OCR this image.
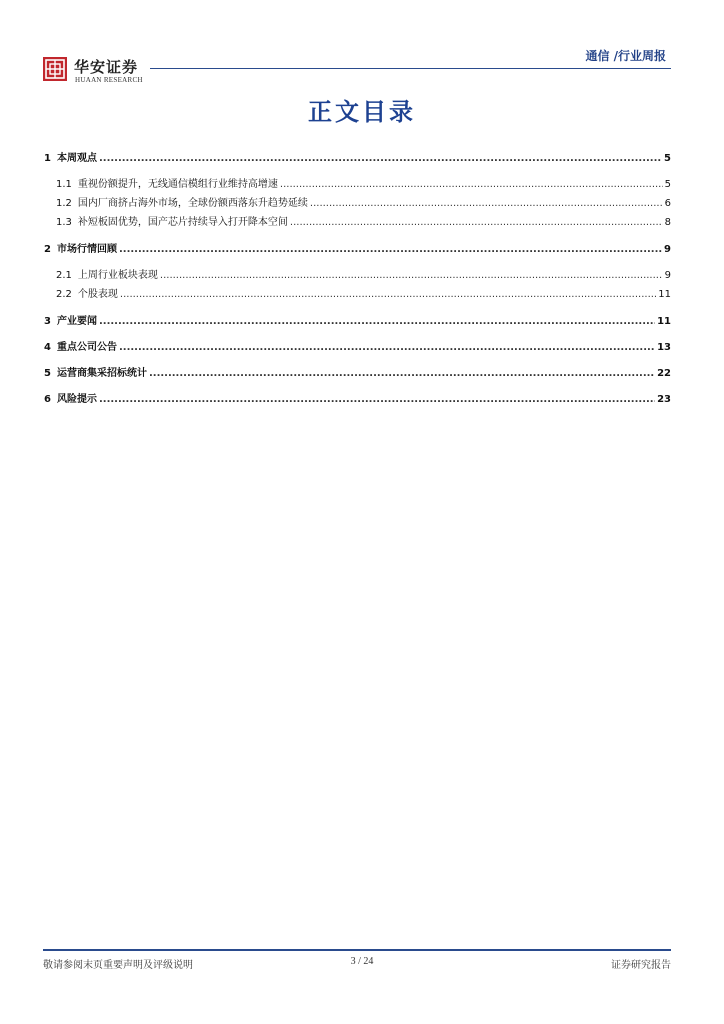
华安证券
HUAAN RESEARCH
通信 /行业周报
正文目录
1 本周观点 .....	5
1.1 重视份额提升，无线通信模组行业维持高增速 .....	5
1.2 国内厂商挤占海外市场，全球份额西落东升趋势延续 .....	6
1.3 补短板固优势，国产芯片持续导入打开降本空间 .....	8
2 市场行情回顾 .....	9
2.1 上周行业板块表现 .....	9
2.2 个股表现 .....	11
3 产业要闻 .....	11
4 重点公司公告 .....	13
5 运营商集采招标统计 .....	22
6 风险提示 .....	23
敬请参阅末页重要声明及评级说明	3 / 24	证券研究报告
